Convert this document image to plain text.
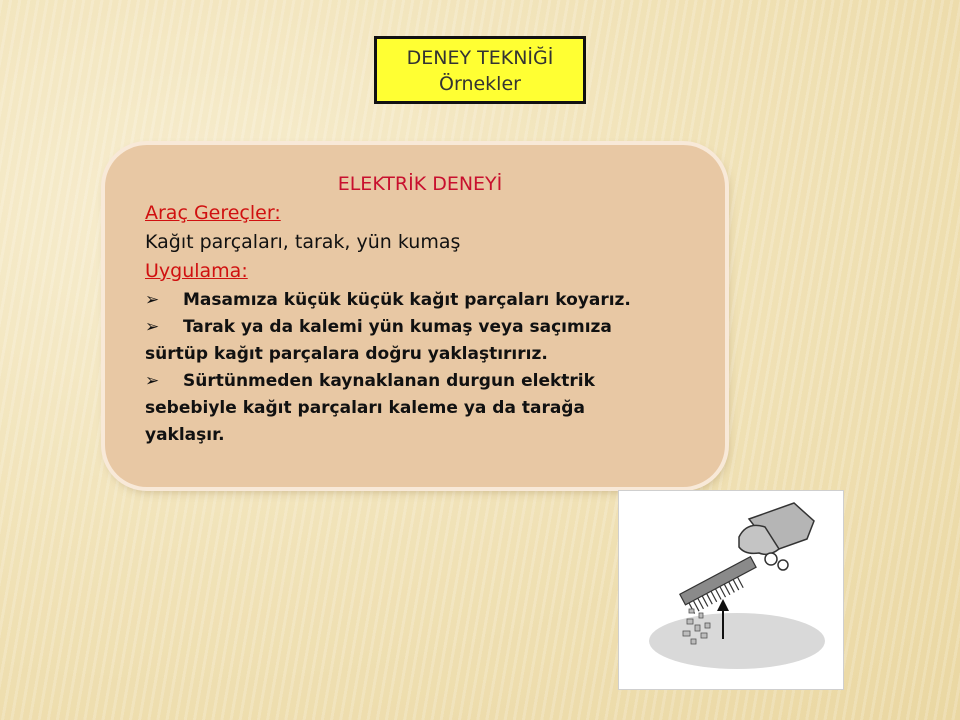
DENEY TEKNİĞİ
Örnekler
ELEKTRİK DENEYİ
Araç Gereçler:
Kağıt parçaları, tarak, yün kumaş
Uygulama:
➢ Masamıza küçük küçük kağıt parçaları koyarız.
➢ Tarak ya da kalemi yün kumaş veya saçımıza
sürtüp kağıt parçalara doğru yaklaştırırız.
➢ Sürtünmeden kaynaklanan durgun elektrik
sebebiyle kağıt parçaları kaleme ya da tarağa
yaklaşır.
